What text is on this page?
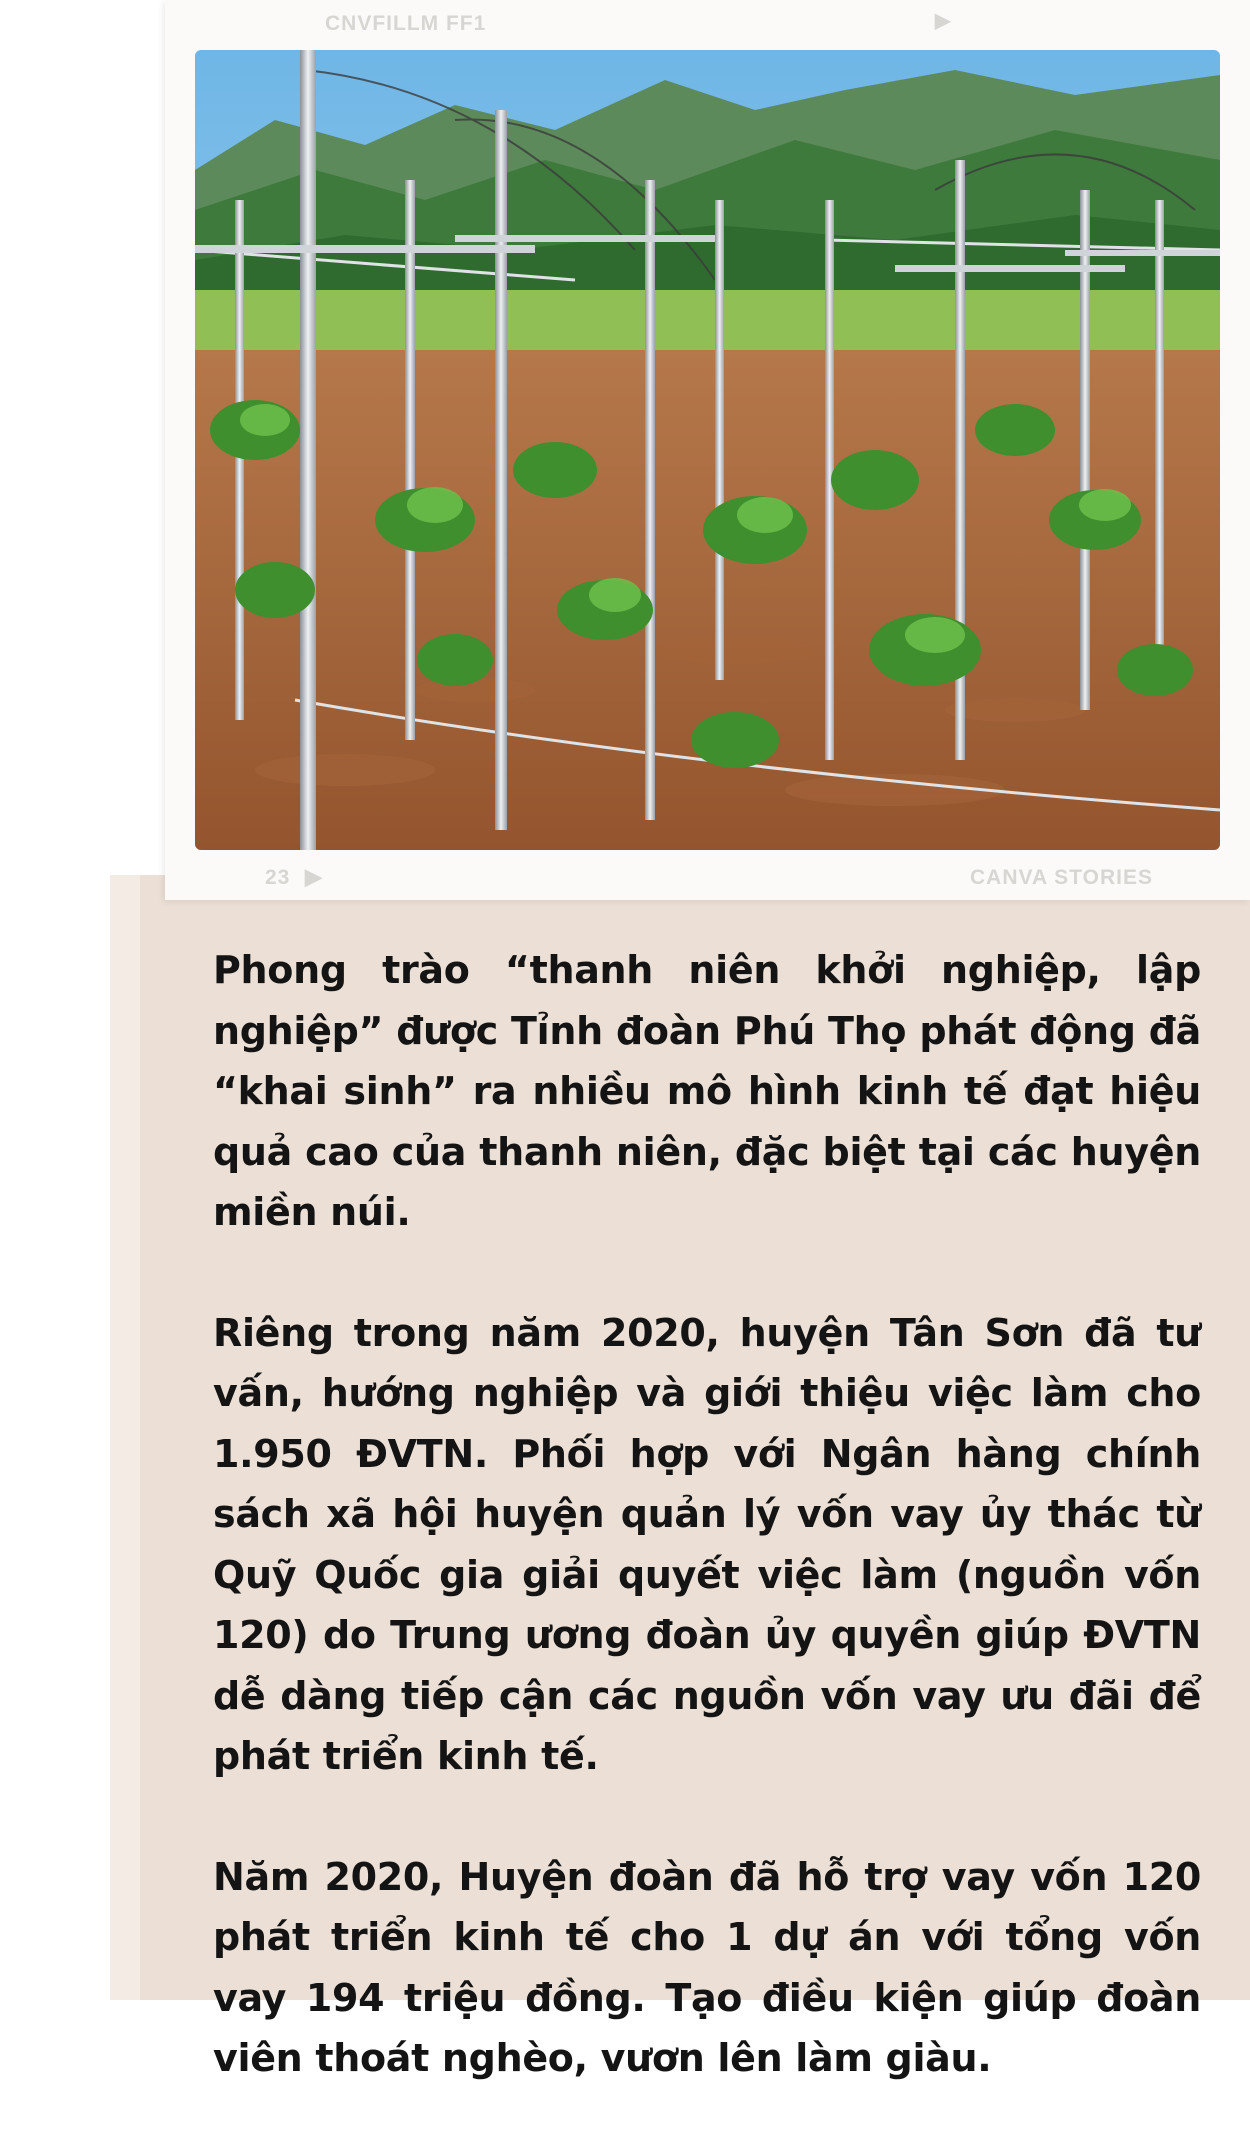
CNVFILLM FF1	▶
23 ▶	CANVA STORIES

Phong trào “thanh niên khởi nghiệp, lập nghiệp” được Tỉnh đoàn Phú Thọ phát động đã “khai sinh” ra nhiều mô hình kinh tế đạt hiệu quả cao của thanh niên, đặc biệt tại các huyện miền núi.

Riêng trong năm 2020, huyện Tân Sơn đã tư vấn, hướng nghiệp và giới thiệu việc làm cho 1.950 ĐVTN. Phối hợp với Ngân hàng chính sách xã hội huyện quản lý vốn vay ủy thác từ Quỹ Quốc gia giải quyết việc làm (nguồn vốn 120) do Trung ương đoàn ủy quyền giúp ĐVTN dễ dàng tiếp cận các nguồn vốn vay ưu đãi để phát triển kinh tế.

Năm 2020, Huyện đoàn đã hỗ trợ vay vốn 120 phát triển kinh tế cho 1 dự án với tổng vốn vay 194 triệu đồng. Tạo điều kiện giúp đoàn viên thoát nghèo, vươn lên làm giàu.
